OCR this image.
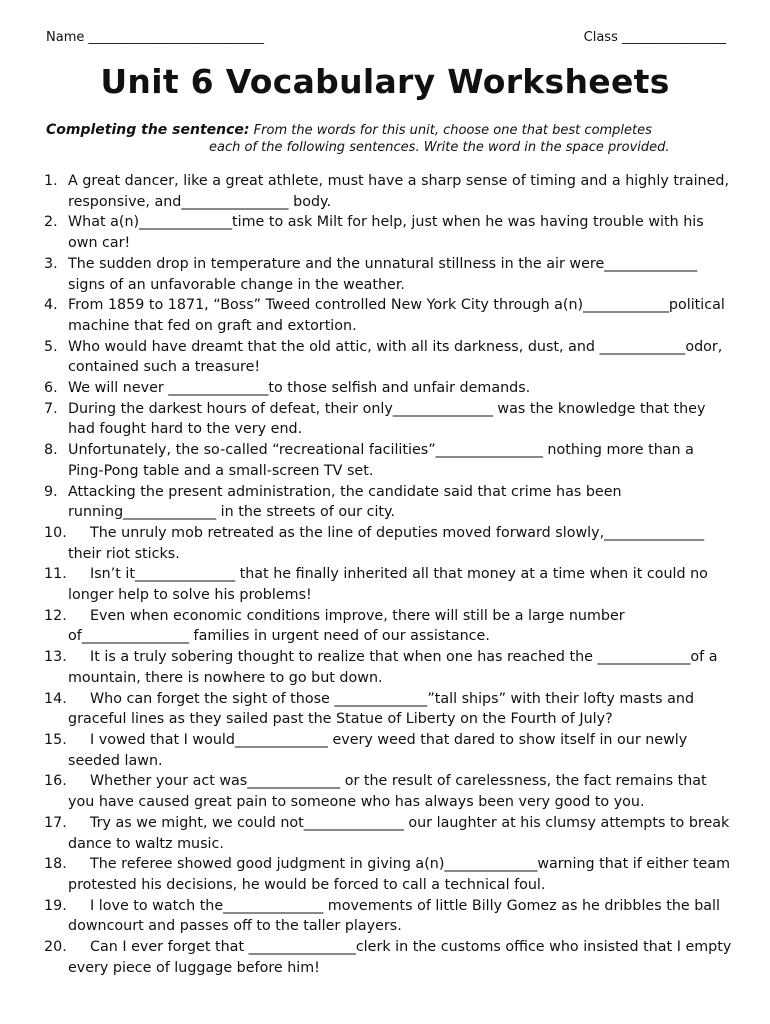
Name ___________________________	Class ________________
Unit 6 Vocabulary Worksheets
Completing the sentence: From the words for this unit, choose one that best completes
each of the following sentences. Write the word in the space provided.
1. A great dancer, like a great athlete, must have a sharp sense of timing and a highly trained, responsive, and_______________ body.
2. What a(n)_____________time to ask Milt for help, just when he was having trouble with his own car!
3. The sudden drop in temperature and the unnatural stillness in the air were_____________ signs of an unfavorable change in the weather.
4. From 1859 to 1871, “Boss” Tweed controlled New York City through a(n)____________political machine that fed on graft and extortion.
5. Who would have dreamt that the old attic, with all its darkness, dust, and ____________odor, contained such a treasure!
6. We will never ______________to those selfish and unfair demands.
7. During the darkest hours of defeat, their only______________ was the knowledge that they had fought hard to the very end.
8. Unfortunately, the so-called “recreational facilities”_______________ nothing more than a Ping-Pong table and a small-screen TV set.
9. Attacking the present administration, the candidate said that crime has been running_____________ in the streets of our city.
10. The unruly mob retreated as the line of deputies moved forward slowly,______________ their riot sticks.
11. Isn’t it______________ that he finally inherited all that money at a time when it could no longer help to solve his problems!
12. Even when economic conditions improve, there will still be a large number of_______________ families in urgent need of our assistance.
13. It is a truly sobering thought to realize that when one has reached the _____________of a mountain, there is nowhere to go but down.
14. Who can forget the sight of those _____________”tall ships” with their lofty masts and graceful lines as they sailed past the Statue of Liberty on the Fourth of July?
15. I vowed that I would_____________ every weed that dared to show itself in our newly seeded lawn.
16. Whether your act was_____________ or the result of carelessness, the fact remains that you have caused great pain to someone who has always been very good to you.
17. Try as we might, we could not______________ our laughter at his clumsy attempts to break dance to waltz music.
18. The referee showed good judgment in giving a(n)_____________warning that if either team protested his decisions, he would be forced to call a technical foul.
19. I love to watch the______________ movements of little Billy Gomez as he dribbles the ball downcourt and passes off to the taller players.
20. Can I ever forget that _______________clerk in the customs office who insisted that I empty every piece of luggage before him!
